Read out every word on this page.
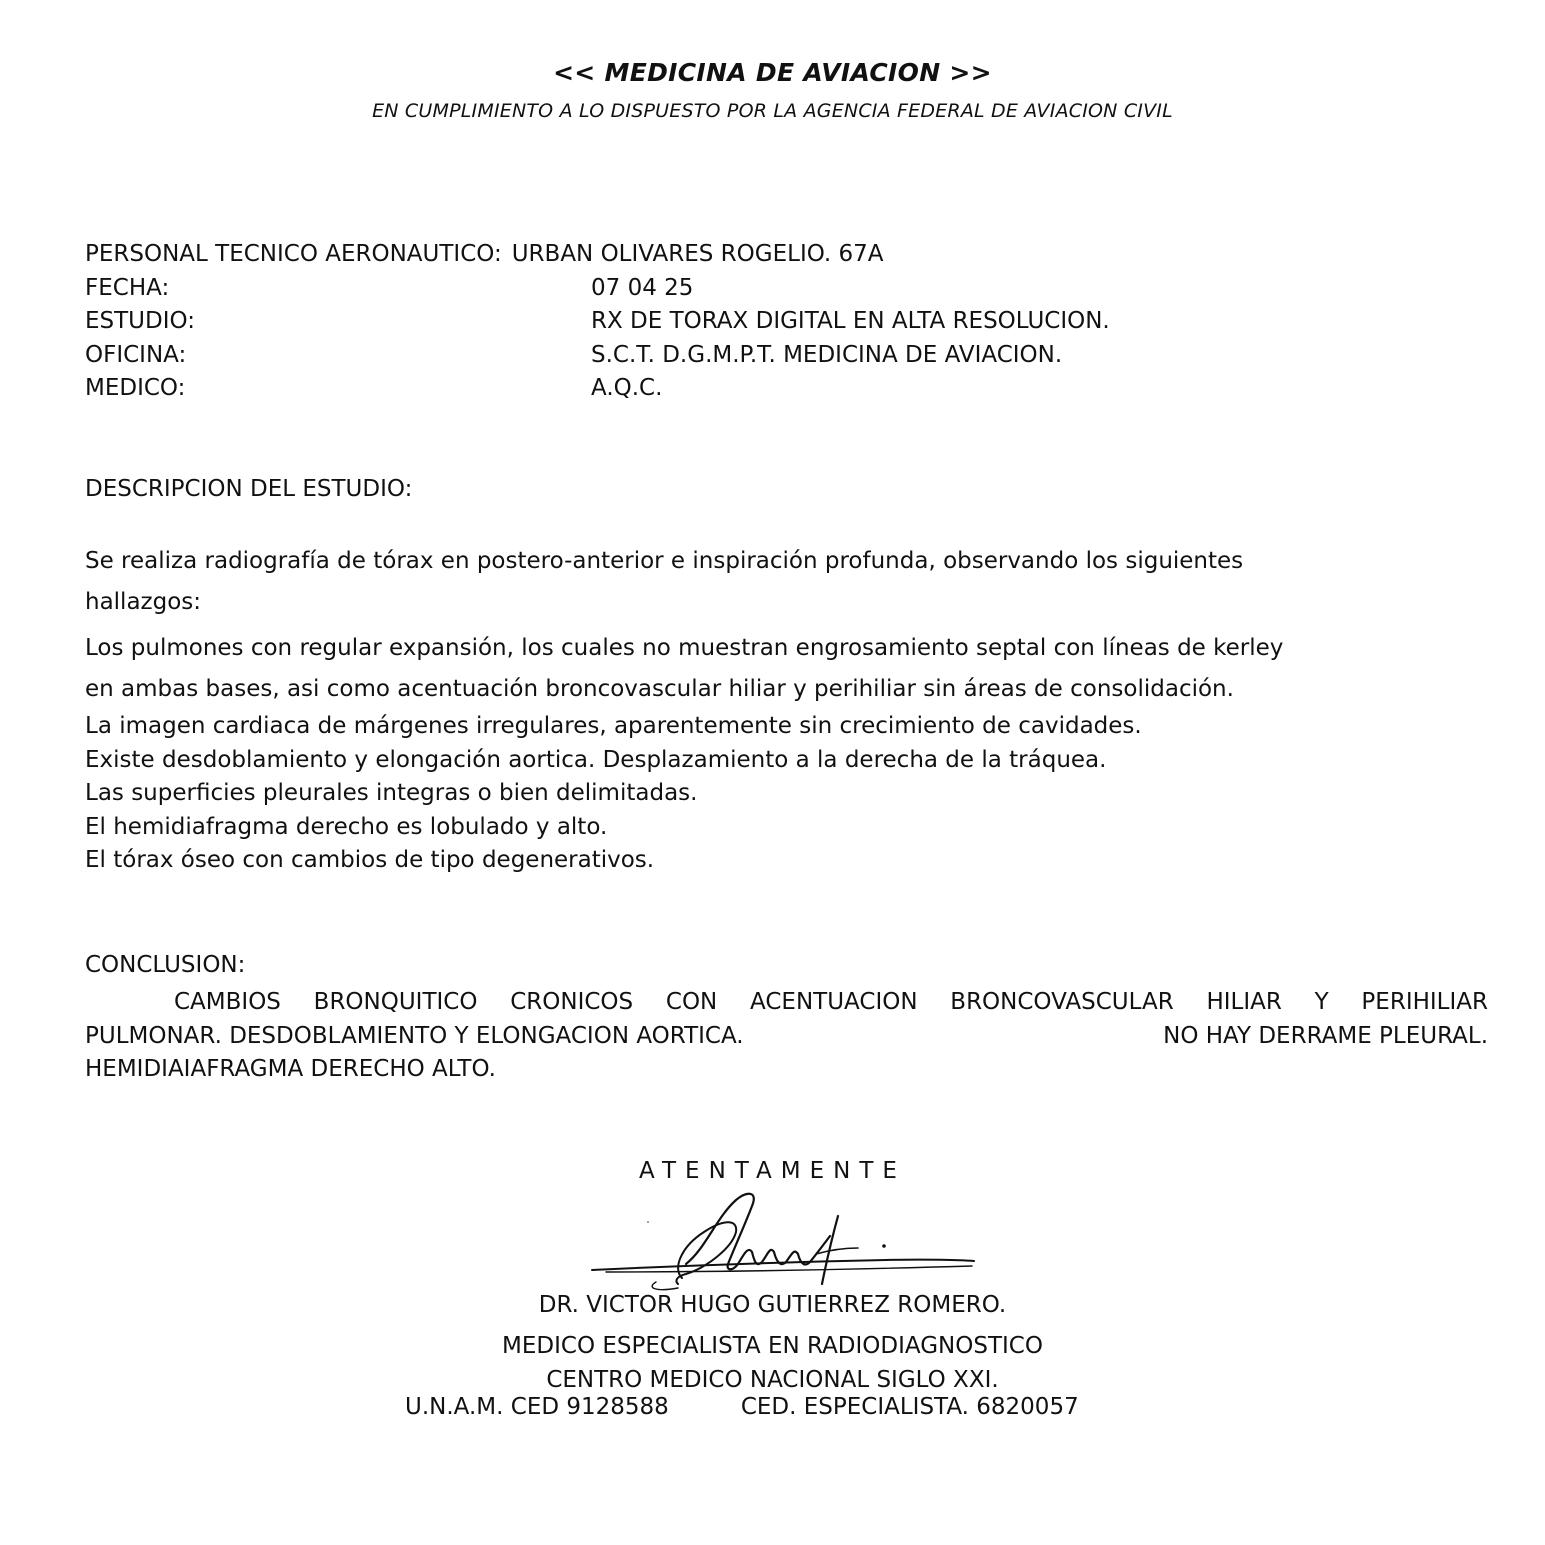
<< MEDICINA DE AVIACION >>
EN CUMPLIMIENTO A LO DISPUESTO POR LA AGENCIA FEDERAL DE AVIACION CIVIL
PERSONAL TECNICO AERONAUTICO: URBAN OLIVARES ROGELIO. 67A
FECHA:	07 04 25
ESTUDIO:	RX DE TORAX DIGITAL EN ALTA RESOLUCION.
OFICINA:	S.C.T. D.G.M.P.T. MEDICINA DE AVIACION.
MEDICO:	A.Q.C.
DESCRIPCION DEL ESTUDIO:

Se realiza radiografía de tórax en postero-anterior e inspiración profunda, observando los siguientes

hallazgos:

Los pulmones con regular expansión, los cuales no muestran engrosamiento septal con líneas de kerley
en ambas bases, asi como acentuación broncovascular hiliar y perihiliar sin áreas de consolidación.
La imagen cardiaca de márgenes irregulares, aparentemente sin crecimiento de cavidades.
Existe desdoblamiento y elongación aortica. Desplazamiento a la derecha de la tráquea.
Las superficies pleurales integras o bien delimitadas.
El hemidiafragma derecho es lobulado y alto.
El tórax óseo con cambios de tipo degenerativos.
CONCLUSION:
CAMBIOS BRONQUITICO CRONICOS CON ACENTUACION BRONCOVASCULAR HILIAR Y PERIHILIAR
PULMONAR. DESDOBLAMIENTO Y ELONGACION AORTICA.	NO HAY DERRAME PLEURAL.
HEMIDIAIAFRAGMA DERECHO ALTO.
ATENTAMENTE
DR. VICTOR HUGO GUTIERREZ ROMERO.
MEDICO ESPECIALISTA EN RADIODIAGNOSTICO
CENTRO MEDICO NACIONAL SIGLO XXI.
U.N.A.M. CED 9128588	CED. ESPECIALISTA. 6820057
